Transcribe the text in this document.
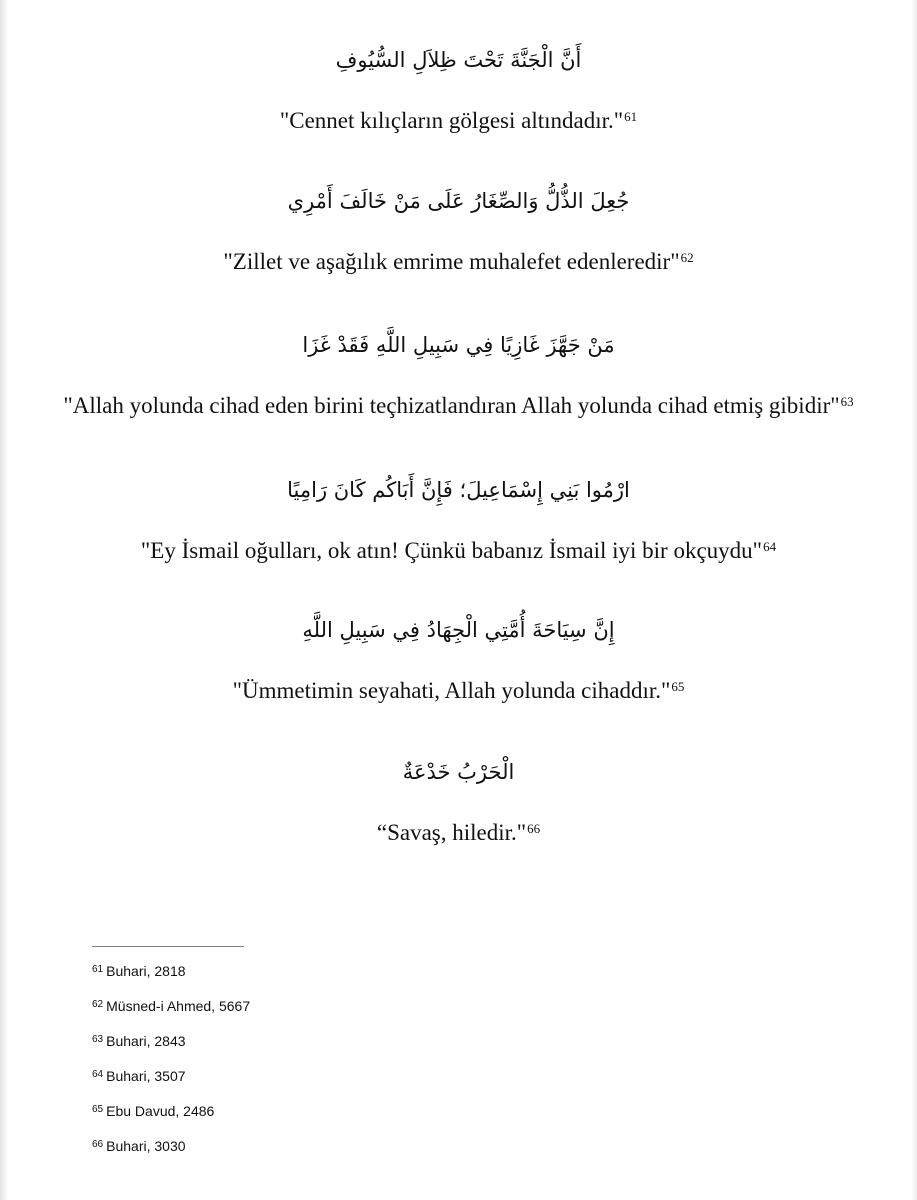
أَنَّ الْجَنَّةَ تَحْتَ ظِلاَلِ السُّيُوفِ
"Cennet kılıçların gölgesi altındadır."$^{61}$
جُعِلَ الذُّلُّ وَالصِّغَارُ عَلَى مَنْ خَالَفَ أَمْرِي
"Zillet ve aşağılık emrime muhalefet edenleredir"$^{62}$
مَنْ جَهَّزَ غَازِيًا فِي سَبِيلِ اللَّهِ فَقَدْ غَزَا
"Allah yolunda cihad eden birini teçhizatlandıran Allah yolunda cihad etmiş gibidir"$^{63}$
ارْمُوا بَنِي إِسْمَاعِيلَ؛ فَإِنَّ أَبَاكُم كَانَ رَامِيًا
"Ey İsmail oğulları, ok atın! Çünkü babanız İsmail iyi bir okçuydu"$^{64}$
إِنَّ سِيَاحَةَ أُمَّتِي الْجِهَادُ فِي سَبِيلِ اللَّهِ
"Ümmetimin seyahati, Allah yolunda cihaddır."$^{65}$
الْحَرْبُ خَدْعَةٌ
“Savaş, hiledir."$^{66}$
$^{61}$ Buhari, 2818
$^{62}$ Müsned-i Ahmed, 5667
$^{63}$ Buhari, 2843
$^{64}$ Buhari, 3507
$^{65}$ Ebu Davud, 2486
$^{66}$ Buhari, 3030
